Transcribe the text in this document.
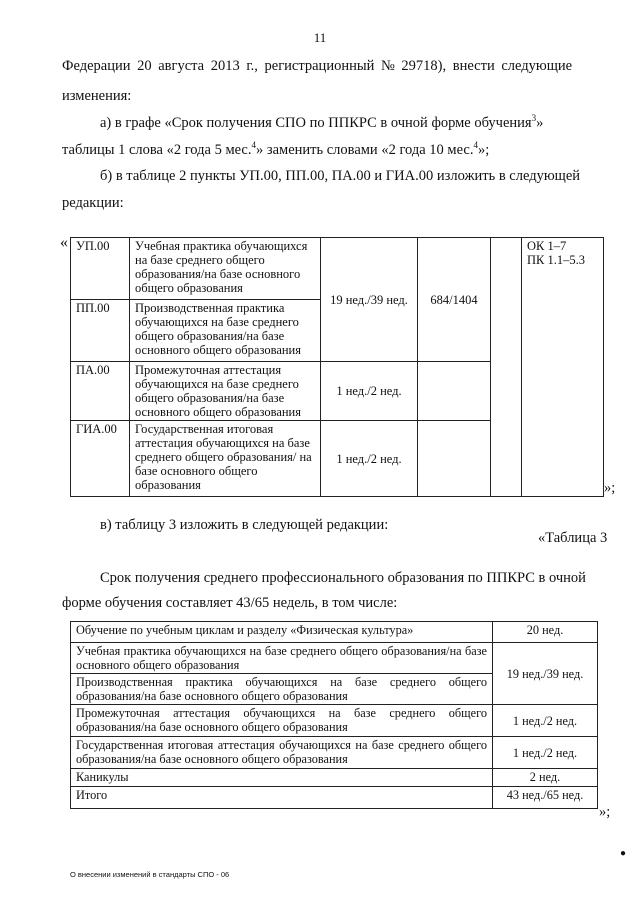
11
Федерации 20 августа 2013 г., регистрационный № 29718), внести следующие
изменения:
а) в графе «Срок получения СПО по ППКРС в очной форме обучения$^3$»
таблицы 1 слова «2 года 5 мес.$^4$» заменить словами «2 года 10 мес.$^4$»;
б) в таблице 2 пункты УП.00, ПП.00, ПА.00 и ГИА.00 изложить в следующей
редакции:
« УП.00	Учебная практика обучающихся на базе среднего общего образования/на базе основного общего образования	19 нед./39 нед.	684/1404		ОК 1–7
ПК 1.1–5.3

ПП.00	Производственная практика обучающихся на базе среднего общего образования/на базе основного общего образования				
ПА.00	Промежуточная аттестация обучающихся на базе среднего общего образования/на базе основного общего образования	1 нед./2 нед.			
ГИА.00	Государственная итоговая аттестация обучающихся на базе среднего общего образования/ на базе основного общего образования	1 нед./2 нед.			
»;
в) таблицу 3 изложить в следующей редакции:
«Таблица 3
Срок получения среднего профессионального образования по ППКРС в очной
форме обучения составляет 43/65 недель, в том числе:
Обучение по учебным циклам и разделу «Физическая культура»	20 нед.
Учебная практика обучающихся на базе среднего общего образования/на базе основного общего образования	19 нед./39 нед.
Производственная практика обучающихся на базе среднего общего образования/на базе основного общего образования	
Промежуточная аттестация обучающихся на базе среднего общего образования/на базе основного общего образования	1 нед./2 нед.
Государственная итоговая аттестация обучающихся на базе среднего общего образования/на базе основного общего образования	1 нед./2 нед.
Каникулы	2 нед.
Итого	43 нед./65 нед.
»;
●
О внесении изменений в стандарты СПО - 06
